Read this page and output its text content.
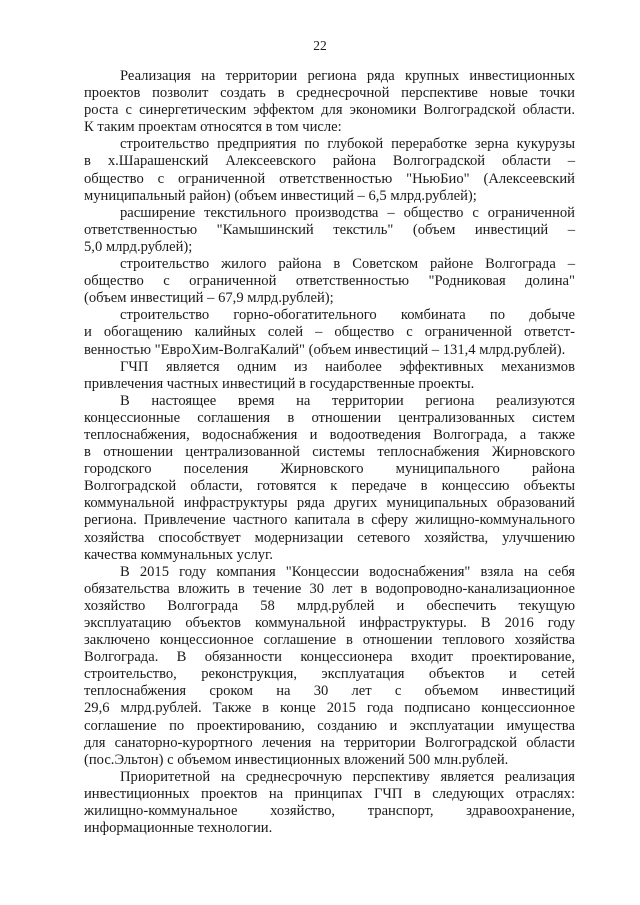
22

Реализация на территории региона ряда крупных инвестиционных
проектов позволит создать в среднесрочной перспективе новые точки
роста с синергетическим эффектом для экономики Волгоградской области.
К таким проектам относятся в том числе:

строительство предприятия по глубокой переработке зерна кукурузы
в х.Шарашенский Алексеевского района Волгоградской области –
общество с ограниченной ответственностью "НьюБио" (Алексеевский
муниципальный район) (объем инвестиций – 6,5 млрд.рублей);

расширение текстильного производства – общество с ограниченной
ответственностью "Камышинский текстиль" (объем инвестиций –
5,0 млрд.рублей);

строительство жилого района в Советском районе Волгограда –
общество с ограниченной ответственностью "Родниковая долина"
(объем инвестиций – 67,9 млрд.рублей);

строительство горно-обогатительного комбината по добыче
и обогащению калийных солей – общество с ограниченной ответст-
венностью "ЕвроХим-ВолгаКалий" (объем инвестиций – 131,4 млрд.рублей).

ГЧП является одним из наиболее эффективных механизмов
привлечения частных инвестиций в государственные проекты.

В настоящее время на территории региона реализуются
концессионные соглашения в отношении централизованных систем
теплоснабжения, водоснабжения и водоотведения Волгограда, а также
в отношении централизованной системы теплоснабжения Жирновского
городского поселения Жирновского муниципального района
Волгоградской области, готовятся к передаче в концессию объекты
коммунальной инфраструктуры ряда других муниципальных образований
региона. Привлечение частного капитала в сферу жилищно-коммунального
хозяйства способствует модернизации сетевого хозяйства, улучшению
качества коммунальных услуг.

В 2015 году компания "Концессии водоснабжения" взяла на себя
обязательства вложить в течение 30 лет в водопроводно-канализационное
хозяйство Волгограда 58 млрд.рублей и обеспечить текущую
эксплуатацию объектов коммунальной инфраструктуры. В 2016 году
заключено концессионное соглашение в отношении теплового хозяйства
Волгограда. В обязанности концессионера входит проектирование,
строительство, реконструкция, эксплуатация объектов и сетей
теплоснабжения сроком на 30 лет с объемом инвестиций
29,6 млрд.рублей. Также в конце 2015 года подписано концессионное
соглашение по проектированию, созданию и эксплуатации имущества
для санаторно-курортного лечения на территории Волгоградской области
(пос.Эльтон) с объемом инвестиционных вложений 500 млн.рублей.

Приоритетной на среднесрочную перспективу является реализация
инвестиционных проектов на принципах ГЧП в следующих отраслях:
жилищно-коммунальное хозяйство, транспорт, здравоохранение,
информационные технологии.
